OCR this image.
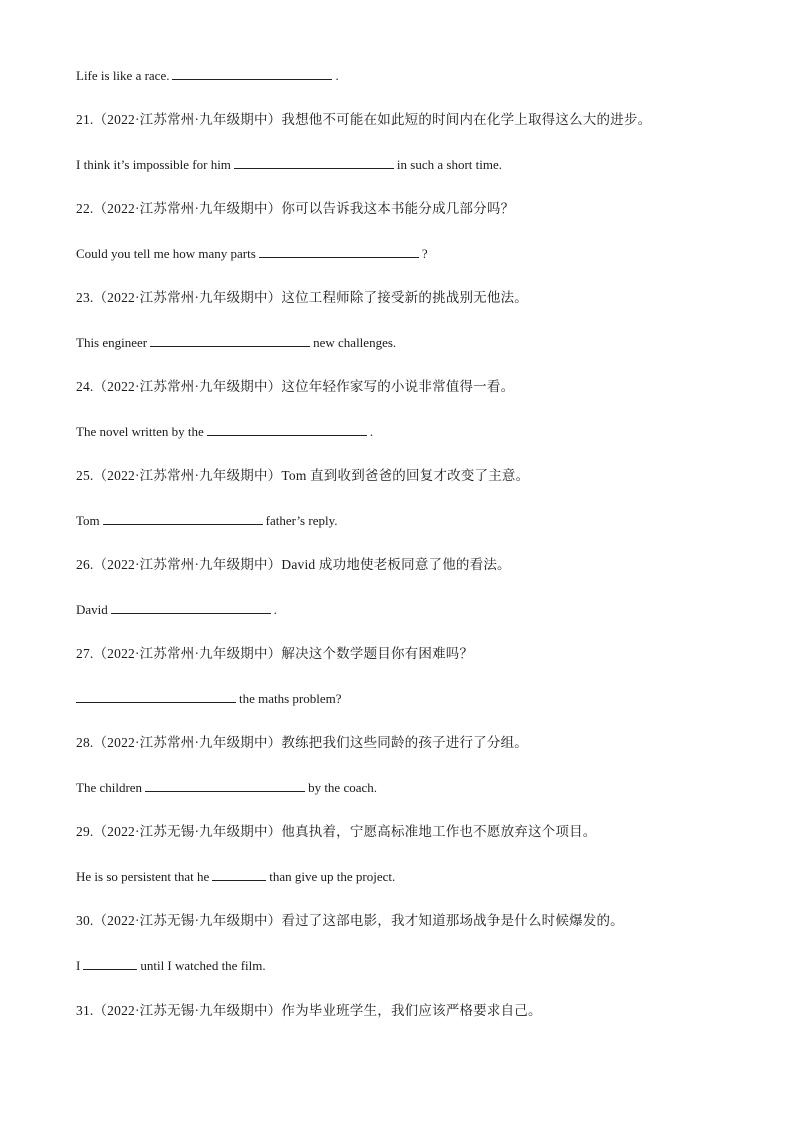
Life is like a race.	.
21.（2022·江苏常州·九年级期中）我想他不可能在如此短的时间内在化学上取得这么大的进步。
I think it’s impossible for him	in such a short time.
22.（2022·江苏常州·九年级期中）你可以告诉我这本书能分成几部分吗？
Could you tell me how many parts	?
23.（2022·江苏常州·九年级期中）这位工程师除了接受新的挑战别无他法。
This engineer	new challenges.
24.（2022·江苏常州·九年级期中）这位年轻作家写的小说非常值得一看。
The novel written by the	.
25.（2022·江苏常州·九年级期中）Tom 直到收到爸爸的回复才改变了主意。
Tom	father’s reply.
26.（2022·江苏常州·九年级期中）David 成功地使老板同意了他的看法。
David	.
27.（2022·江苏常州·九年级期中）解决这个数学题目你有困难吗？
the maths problem?
28.（2022·江苏常州·九年级期中）教练把我们这些同龄的孩子进行了分组。
The children	by the coach.
29.（2022·江苏无锡·九年级期中）他真执着，宁愿高标准地工作也不愿放弃这个项目。
He is so persistent that he	than give up the project.
30.（2022·江苏无锡·九年级期中）看过了这部电影，我才知道那场战争是什么时候爆发的。
I	until I watched the film.
31.（2022·江苏无锡·九年级期中）作为毕业班学生，我们应该严格要求自己。
